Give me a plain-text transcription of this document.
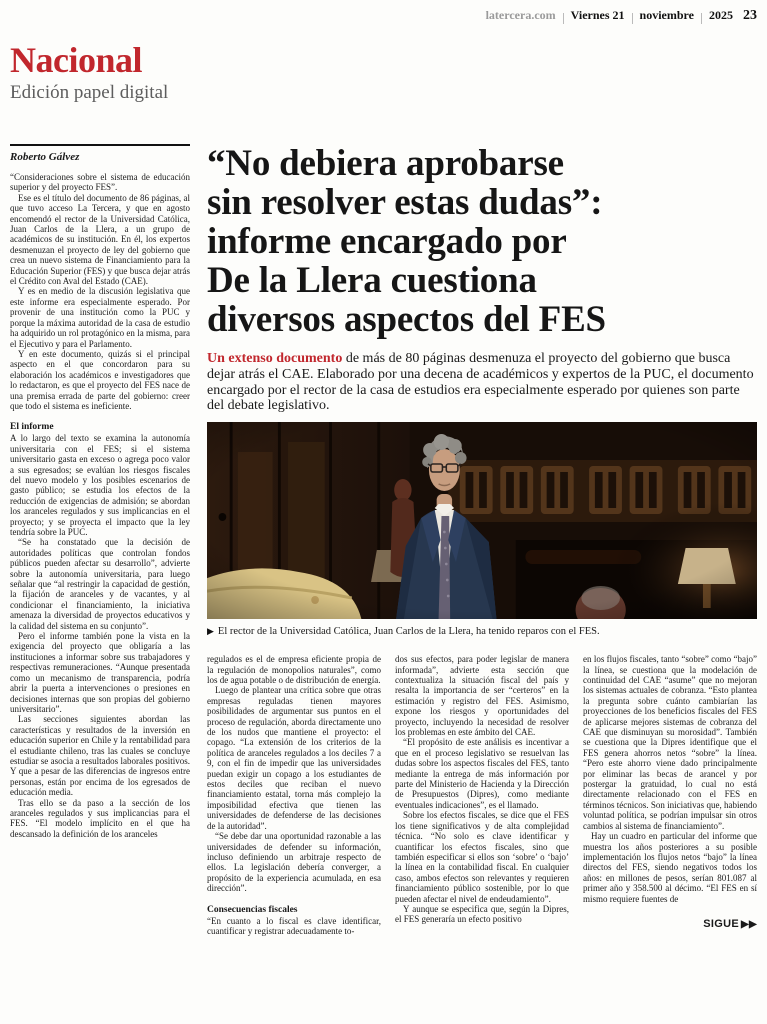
latercera.com Viernes 21 noviembre 2025 23
Nacional
Edición papel digital
Roberto Gálvez

“Consideraciones sobre el sistema de educación superior y del proyecto FES”.

Ese es el título del documento de 86 páginas, al que tuvo acceso La Tercera, y que en agosto encomendó el rector de la Universidad Católica, Juan Carlos de la Llera, a un grupo de académicos de su institución. En él, los expertos desmenuzan el proyecto de ley del gobierno que crea un nuevo sistema de Financiamiento para la Educación Superior (FES) y que busca dejar atrás el Crédito con Aval del Estado (CAE).

Y es en medio de la discusión legislativa que este informe era especialmente esperado. Por provenir de una institución como la PUC y porque la máxima autoridad de la casa de estudio ha adquirido un rol protagónico en la misma, para el Ejecutivo y para el Parlamento.

Y en este documento, quizás si el principal aspecto en el que concordaron para su elaboración los académicos e investigadores que lo redactaron, es que el proyecto del FES nace de una premisa errada de parte del gobierno: creer que todo el sistema es ineficiente.

El informe

A lo largo del texto se examina la autonomía universitaria con el FES; si el sistema universitario gasta en exceso o agrega poco valor a sus egresados; se evalúan los riesgos fiscales del nuevo modelo y los posibles escenarios de gasto público; se estudia los efectos de la reducción de exigencias de admisión; se abordan los aranceles regulados y sus implicancias en el proyecto; y se proyecta el impacto que la ley tendría sobre la PUC.

“Se ha constatado que la decisión de autoridades políticas que controlan fondos públicos pueden afectar su desarrollo”, advierte sobre la autonomía universitaria, para luego señalar que “al restringir la capacidad de gestión, la fijación de aranceles y de vacantes, y al condicionar el financiamiento, la iniciativa amenaza la diversidad de proyectos educativos y la calidad del sistema en su conjunto”.

Pero el informe también pone la vista en la exigencia del proyecto que obligaría a las instituciones a informar sobre sus trabajadores y respectivas remuneraciones. “Aunque presentada como un mecanismo de transparencia, podría abrir la puerta a intervenciones o presiones en decisiones internas que son propias del gobierno universitario”.

Las secciones siguientes abordan las características y resultados de la inversión en educación superior en Chile y la rentabilidad para el estudiante chileno, tras las cuales se concluye estudiar se asocia a resultados laborales positivos. Y que a pesar de las diferencias de ingresos entre personas, están por encima de los egresados de educación media.

Tras ello se da paso a la sección de los aranceles regulados y sus implicancias para el FES. “El modelo implícito en el que ha descansado la definición de los aranceles

“No debiera aprobarse
sin resolver estas dudas”:
informe encargado por
De la Llera cuestiona
diversos aspectos del FES

Un extenso documento de más de 80 páginas desmenuza el proyecto del gobierno que busca dejar atrás el CAE. Elaborado por una decena de académicos y expertos de la PUC, el documento encargado por el rector de la casa de estudios era especialmente esperado por quienes son parte del debate legislativo.

▶ El rector de la Universidad Católica, Juan Carlos de la Llera, ha tenido reparos con el FES.

regulados es el de empresa eficiente propia de la regulación de monopolios naturales”, como los de agua potable o de distribución de energía.

Luego de plantear una crítica sobre que otras empresas reguladas tienen mayores posibilidades de argumentar sus puntos en el proceso de regulación, aborda directamente uno de los nudos que mantiene el proyecto: el copago. “La extensión de los criterios de la política de aranceles regulados a los deciles 7 a 9, con el fin de impedir que las universidades puedan exigir un copago a los estudiantes de estos deciles que reciban el nuevo financiamiento estatal, torna más complejo la imposibilidad efectiva que tienen las universidades de defenderse de las decisiones de la autoridad”.

“Se debe dar una oportunidad razonable a las universidades de defender su información, incluso definiendo un arbitraje respecto de ellos. La legislación debería converger, a propósito de la experiencia acumulada, en esa dirección”.

Consecuencias fiscales

“En cuanto a lo fiscal es clave identificar, cuantificar y registrar adecuadamente to-

dos sus efectos, para poder legislar de manera informada”, advierte esta sección que contextualiza la situación fiscal del país y resalta la importancia de ser “certeros” en la estimación y registro del FES. Asimismo, expone los riesgos y oportunidades del proyecto, incluyendo la necesidad de resolver los problemas en este ámbito del CAE.

“El propósito de este análisis es incentivar a que en el proceso legislativo se resuelvan las dudas sobre los aspectos fiscales del FES, tanto mediante la entrega de más información por parte del Ministerio de Hacienda y la Dirección de Presupuestos (Dipres), como mediante eventuales indicaciones”, es el llamado.

Sobre los efectos fiscales, se dice que el FES los tiene significativos y de alta complejidad técnica. “No solo es clave identificar y cuantificar los efectos fiscales, sino que también especificar si ellos son ‘sobre’ o ‘bajo’ la línea en la contabilidad fiscal. En cualquier caso, ambos efectos son relevantes y requieren financiamiento público sostenible, por lo que pueden afectar el nivel de endeudamiento”.

Y aunque se especifica que, según la Dipres, el FES generaría un efecto positivo

en los flujos fiscales, tanto “sobre” como “bajo” la línea, se cuestiona que la modelación de continuidad del CAE “asume” que no mejoran los sistemas actuales de cobranza. “Esto plantea la pregunta sobre cuánto cambiarían las proyecciones de los beneficios fiscales del FES de aplicarse mejores sistemas de cobranza del CAE que disminuyan su morosidad”. También se cuestiona que la Dipres identifique que el FES genera ahorros netos “sobre” la línea. “Pero este ahorro viene dado principalmente por eliminar las becas de arancel y por postergar la gratuidad, lo cual no está directamente relacionado con el FES en términos técnicos. Son iniciativas que, habiendo voluntad política, se podrían impulsar sin otros cambios al sistema de financiamiento”.

Hay un cuadro en particular del informe que muestra los años posteriores a su posible implementación los flujos netos “bajo” la línea directos del FES, siendo negativos todos los años: en millones de pesos, serían 801.087 al primer año y 358.500 al décimo. “El FES en sí mismo requiere fuentes de

SIGUE ▶▶
